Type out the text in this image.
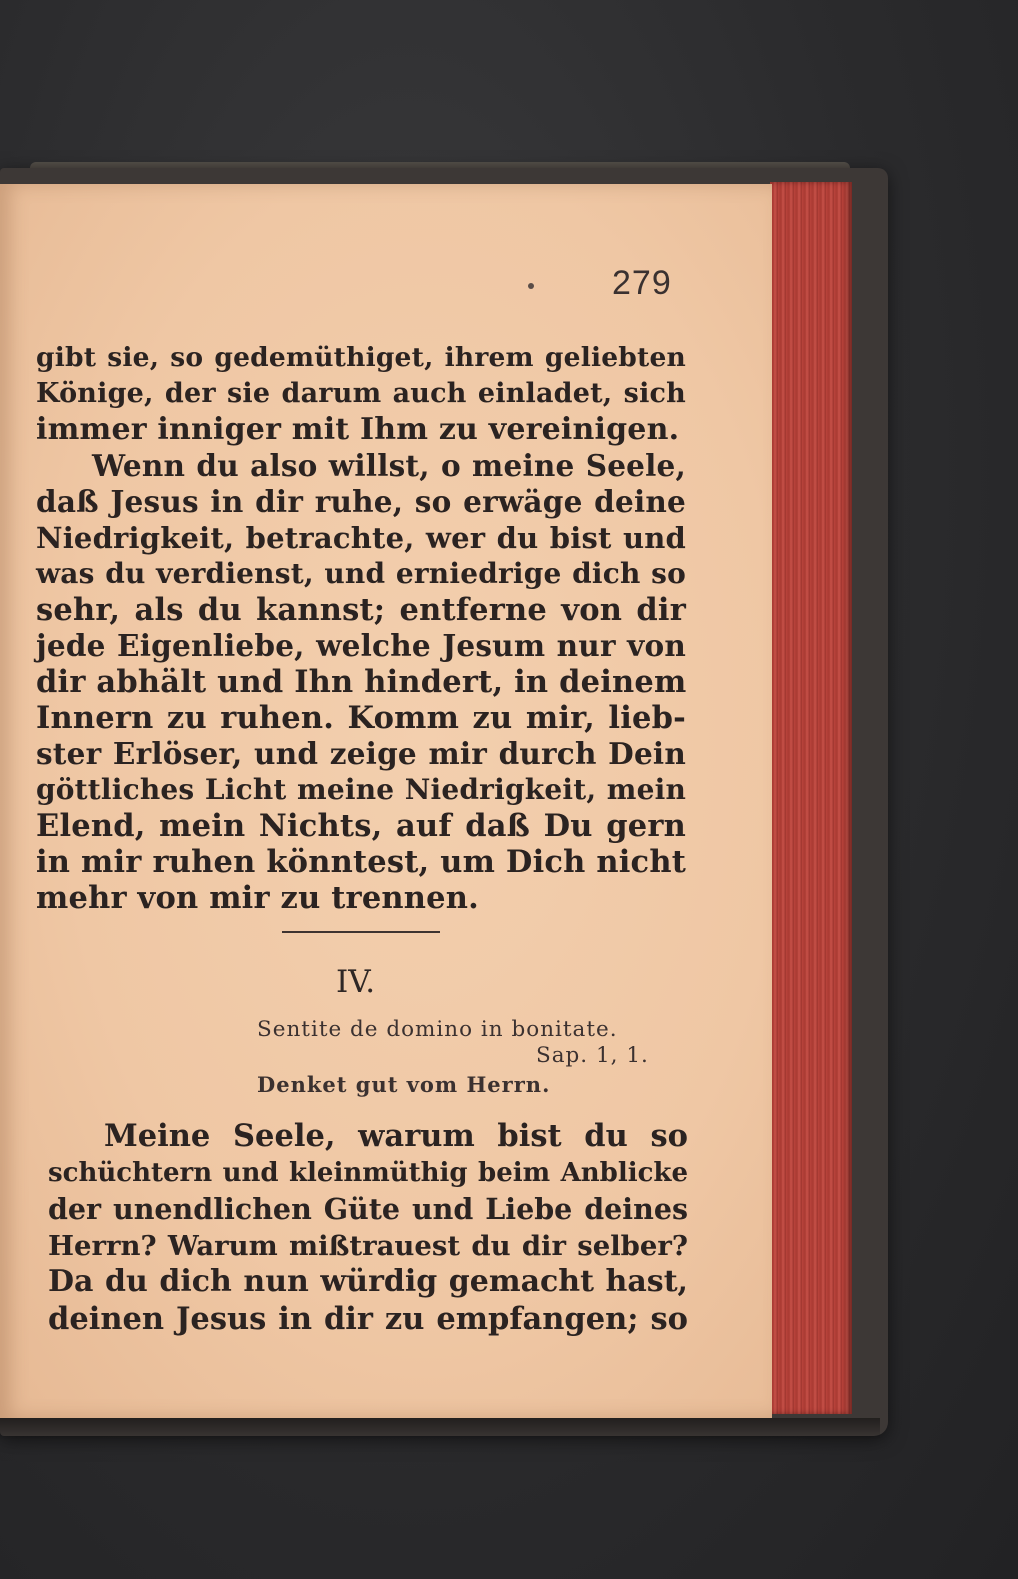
279
gibt sie, so gedemüthiget, ihrem geliebten
Könige, der sie darum auch einladet, sich
immer inniger mit Ihm zu vereinigen.
Wenn du also willst, o meine Seele,
daß Jesus in dir ruhe, so erwäge deine
Niedrigkeit, betrachte, wer du bist und
was du verdienst, und erniedrige dich so
sehr, als du kannst; entferne von dir
jede Eigenliebe, welche Jesum nur von
dir abhält und Ihn hindert, in deinem
Innern zu ruhen. Komm zu mir, lieb-
ster Erlöser, und zeige mir durch Dein
göttliches Licht meine Niedrigkeit, mein
Elend, mein Nichts, auf daß Du gern
in mir ruhen könntest, um Dich nicht
mehr von mir zu trennen.
IV.
Sentite de domino in bonitate.
Sap. 1, 1.
Denket gut vom Herrn.
Meine Seele, warum bist du so
schüchtern und kleinmüthig beim Anblicke
der unendlichen Güte und Liebe deines
Herrn? Warum mißtrauest du dir selber?
Da du dich nun würdig gemacht hast,
deinen Jesus in dir zu empfangen; so
